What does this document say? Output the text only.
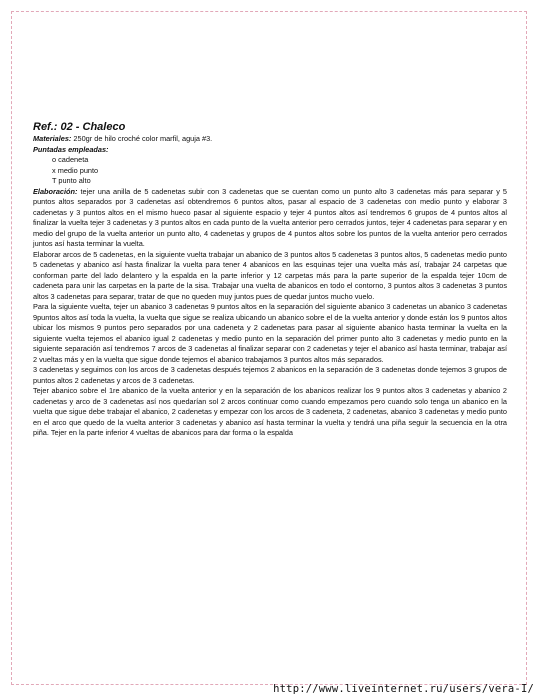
Ref.: 02 - Chaleco
Materiales: 250gr de hilo croché color marfil, aguja #3.
Puntadas empleadas:
o cadeneta
x medio punto
T punto alto

Elaboración: tejer una anilla de 5 cadenetas subir con 3 cadenetas que se cuentan como un punto alto 3 cadenetas más para separar y 5 puntos altos separados por 3 cadenetas así obtendremos 6 puntos altos, pasar al espacio de 3 cadenetas con medio punto y elaborar 3 cadenetas y 3 puntos altos en el mismo hueco pasar al siguiente espacio y tejer 4 puntos altos así tendremos 6 grupos de 4 puntos altos al finalizar la vuelta tejer 3 cadenetas y 3 puntos altos en cada punto de la vuelta anterior pero cerrados juntos, tejer 4 cadenetas para separar y en medio del grupo de la vuelta anterior un punto alto, 4 cadenetas y grupos de 4 puntos altos sobre los puntos de la vuelta anterior pero cerrados juntos así hasta terminar la vuelta.

Elaborar arcos de 5 cadenetas, en la siguiente vuelta trabajar un abanico de 3 puntos altos 5 cadenetas 3 puntos altos, 5 cadenetas medio punto 5 cadenetas y abanico así hasta finalizar la vuelta para tener 4 abanicos en las esquinas tejer una vuelta más así, trabajar 24 carpetas que conforman parte del lado delantero y la espalda en la parte inferior y 12 carpetas más para la parte superior de la espalda tejer 10cm de cadeneta para unir las carpetas en la parte de la sisa. Trabajar una vuelta de abanicos en todo el contorno, 3 puntos altos 3 cadenetas 3 puntos altos 3 cadenetas para separar, tratar de que no queden muy juntos pues de quedar juntos mucho vuelo.

Para la siguiente vuelta, tejer un abanico 3 cadenetas 9 puntos altos en la separación del siguiente abanico 3 cadenetas un abanico 3 cadenetas 9puntos altos así toda la vuelta, la vuelta que sigue se realiza ubicando un abanico sobre el de la vuelta anterior y donde están los 9 puntos altos ubicar los mismos 9 puntos pero separados por una cadeneta y 2 cadenetas para pasar al siguiente abanico hasta terminar la vuelta en la siguiente vuelta tejemos el abanico igual 2 cadenetas y medio punto en la separación del primer punto alto 3 cadenetas y medio punto en la siguiente separación así tendremos 7 arcos de 3 cadenetas al finalizar separar con 2 cadenetas y tejer el abanico así hasta terminar, trabajar así 2 vueltas más y en la vuelta que sigue donde tejemos el abanico trabajamos 3 puntos altos más separados.

3 cadenetas y seguimos con los arcos de 3 cadenetas después tejemos 2 abanicos en la separación de 3 cadenetas donde tejemos 3 grupos de puntos altos 2 cadenetas y arcos de 3 cadenetas.

Tejer abanico sobre el 1re abanico de la vuelta anterior y en la separación de los abanicos realizar los 9 puntos altos 3 cadenetas y abanico 2 cadenetas y arco de 3 cadenetas así nos quedarían sol 2 arcos continuar como cuando empezamos pero cuando solo tenga un abanico en la vuelta que sigue debe trabajar el abanico, 2 cadenetas y empezar con los arcos de 3 cadeneta, 2 cadenetas, abanico 3 cadenetas y medio punto en el arco que quedo de la vuelta anterior 3 cadenetas y abanico así hasta terminar la vuelta y tendrá una piña seguir la secuencia en la otra piña. Tejer en la parte inferior 4 vueltas de abanicos para dar forma o la espalda

http://www.liveinternet.ru/users/vera-I/
